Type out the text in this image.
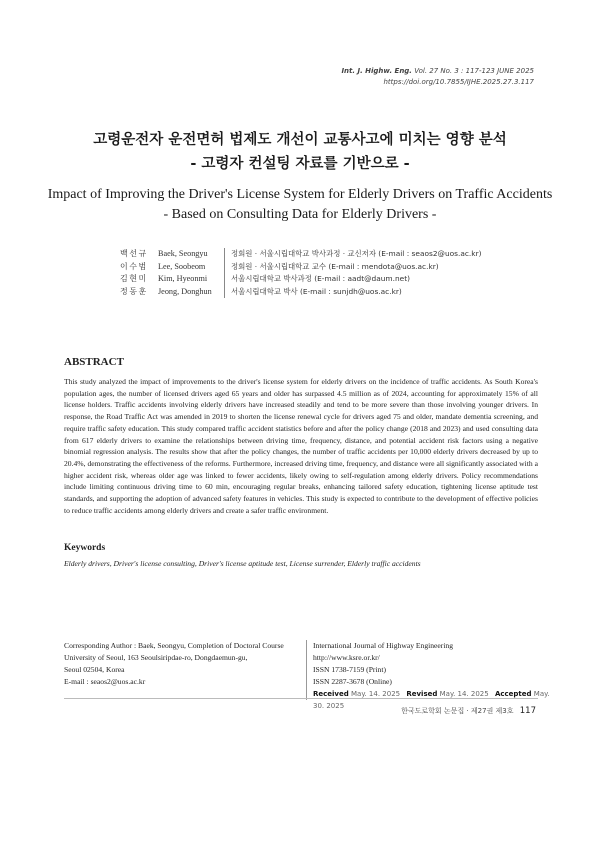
Int. J. Highw. Eng. Vol. 27 No. 3 : 117-123 JUNE 2025
https://doi.org/10.7855/IJHE.2025.27.3.117
고령운전자 운전면허 법제도 개선이 교통사고에 미치는 영향 분석
- 고령자 컨설팅 자료를 기반으로 -
Impact of Improving the Driver's License System for Elderly Drivers on Traffic Accidents
- Based on Consulting Data for Elderly Drivers -
백선규	Baek, Seongyu	정회원 · 서울시립대학교 박사과정 · 교신저자 (E-mail : seaos2@uos.ac.kr)
이수범	Lee, Soobeom	정회원 · 서울시립대학교 교수 (E-mail : mendota@uos.ac.kr)
김현미	Kim, Hyeonmi	서울시립대학교 박사과정 (E-mail : aadt@daum.net)
정동훈	Jeong, Donghun	서울시립대학교 박사 (E-mail : sunjdh@uos.ac.kr)
ABSTRACT
This study analyzed the impact of improvements to the driver's license system for elderly drivers on the incidence of traffic accidents. As South Korea's population ages, the number of licensed drivers aged 65 years and older has surpassed 4.5 million as of 2024, accounting for approximately 15% of all license holders. Traffic accidents involving elderly drivers have increased steadily and tend to be more severe than those involving younger drivers. In response, the Road Traffic Act was amended in 2019 to shorten the license renewal cycle for drivers aged 75 and older, mandate dementia screening, and require traffic safety education. This study compared traffic accident statistics before and after the policy change (2018 and 2023) and used consulting data from 617 elderly drivers to examine the relationships between driving time, frequency, distance, and potential accident risk factors using a negative binomial regression analysis. The results show that after the policy changes, the number of traffic accidents per 10,000 elderly drivers decreased by up to 20.4%, demonstrating the effectiveness of the reforms. Furthermore, increased driving time, frequency, and distance were all significantly associated with a higher accident risk, whereas older age was linked to fewer accidents, likely owing to self-regulation among elderly drivers. Policy recommendations include limiting continuous driving time to 60 min, encouraging regular breaks, enhancing tailored safety education, tightening license aptitude test standards, and supporting the adoption of advanced safety features in vehicles. This study is expected to contribute to the development of effective policies to reduce traffic accidents among elderly drivers and create a safer traffic environment.
Keywords
Elderly drivers, Driver's license consulting, Driver's license aptitude test, License surrender, Elderly traffic accidents
Corresponding Author : Baek, Seongyu, Completion of Doctoral Course
University of Seoul, 163 Seoulsiripdae-ro, Dongdaemun-gu,
Seoul 02504, Korea
E-mail : seaos2@uos.ac.kr
International Journal of Highway Engineering
http://www.ksre.or.kr/
ISSN 1738-7159 (Print)
ISSN 2287-3678 (Online)
Received May. 14. 2025 Revised May. 14. 2025 Accepted May. 30. 2025
한국도로학회 논문집 · 제27권 제3호 117
